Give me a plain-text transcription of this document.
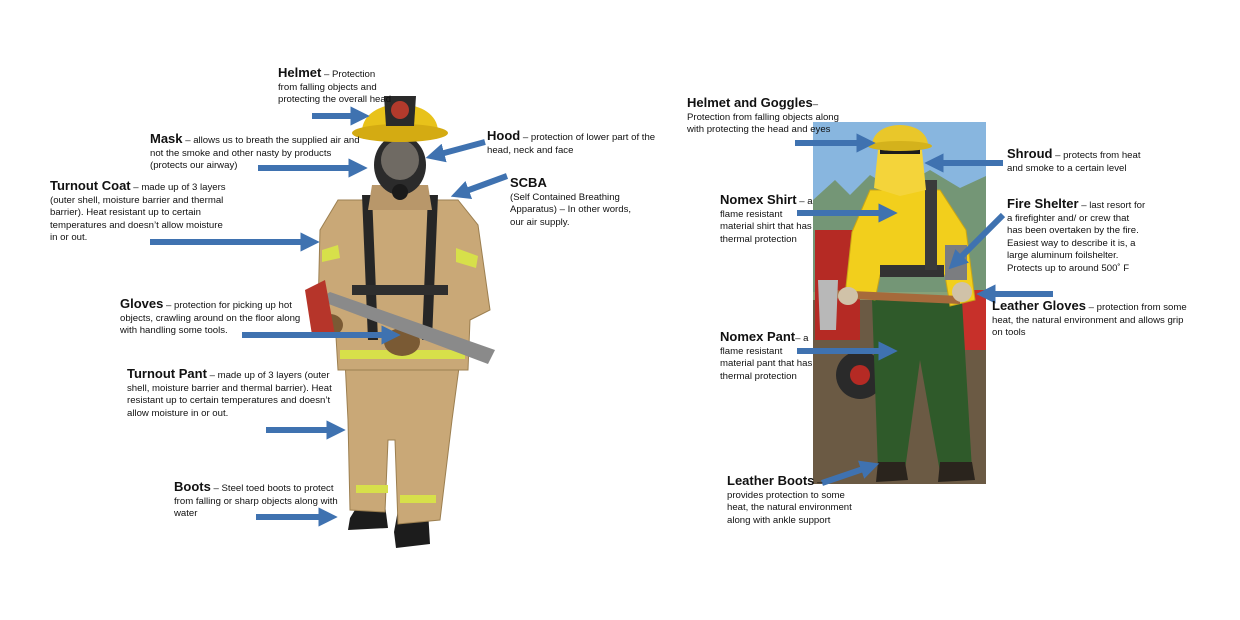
Helmet – Protection from falling objects and protecting the overall head
Mask – allows us to breath the supplied air and not the smoke and other nasty by products (protects our airway)
Hood – protection of lower part of the head, neck and face
SCBA
(Self Contained Breathing Apparatus) – In other words, our air supply.
Turnout Coat – made up of 3 layers (outer shell, moisture barrier and thermal barrier). Heat resistant up to certain temperatures and doesn’t allow moisture in or out.
Gloves – protection for picking up hot objects, crawling around on the floor along with handling some tools.
Turnout Pant – made up of 3 layers (outer shell, moisture barrier and thermal barrier). Heat resistant up to certain temperatures and doesn’t allow moisture in or out.
Boots – Steel toed boots to protect from falling or sharp objects along with water
Helmet and Goggles– Protection from falling objects along with protecting the head and eyes
Shroud – protects from heat and smoke to a certain level
Nomex Shirt – a flame resistant material shirt that has thermal protection
Fire Shelter – last resort for a firefighter and/ or crew that has been overtaken by the fire. Easiest way to describe it is, a large aluminum foilshelter. Protects up to around 500˚ F
Leather Gloves – protection from some heat, the natural environment and allows grip on tools
Nomex Pant– a flame resistant material pant that has thermal protection
Leather Boots – provides protection to some heat, the natural environment along with ankle support
